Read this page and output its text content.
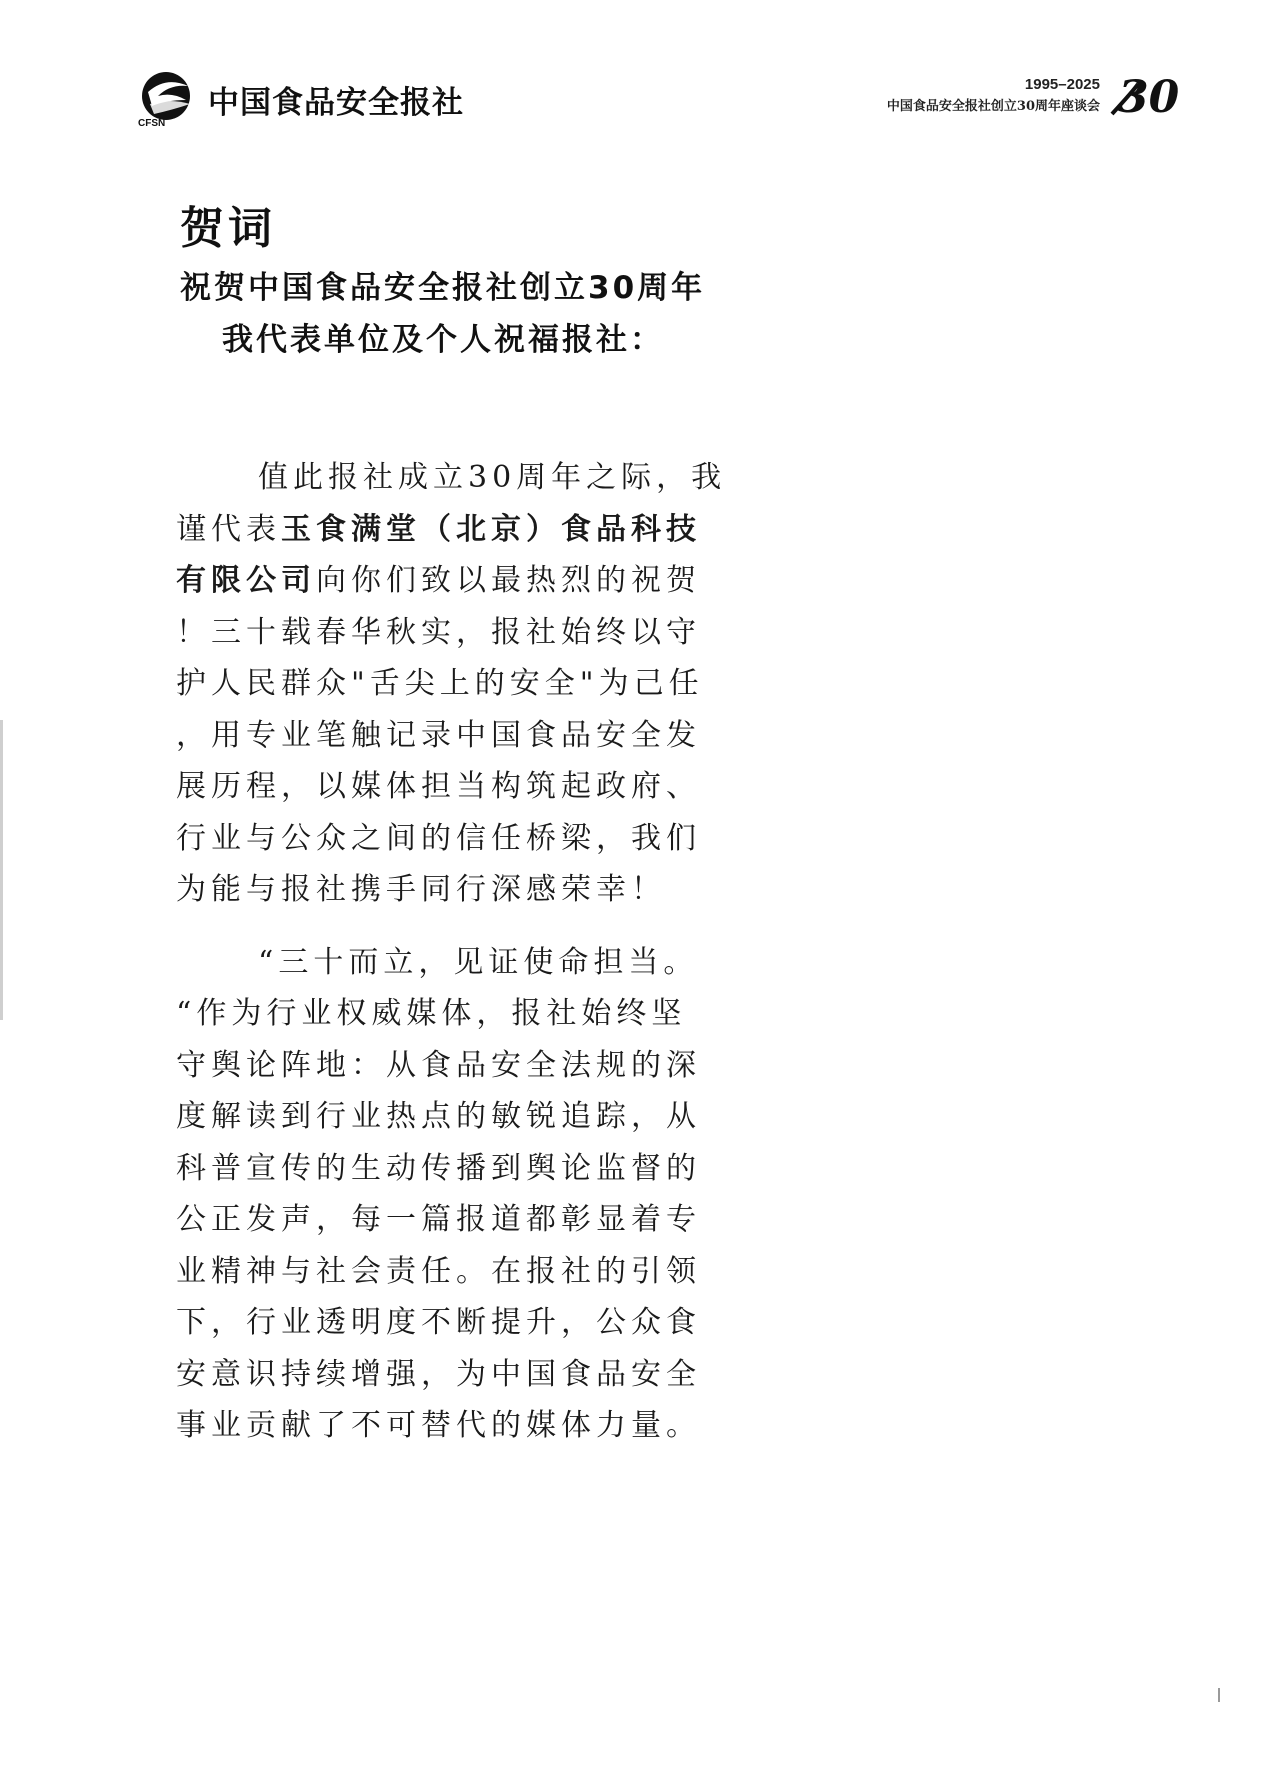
CFSN
中国食品安全报社	1995–2025
中国食品安全报社创立30周年座谈会 30
贺词
祝贺中国食品安全报社创立30周年
我代表单位及个人祝福报社：
值此报社成立30周年之际，我
谨代表玉食满堂（北京）食品科技
有限公司向你们致以最热烈的祝贺
！三十载春华秋实，报社始终以守
护人民群众"舌尖上的安全"为己任
，用专业笔触记录中国食品安全发
展历程，以媒体担当构筑起政府、
行业与公众之间的信任桥梁，我们
为能与报社携手同行深感荣幸！
“三十而立，见证使命担当。
“作为行业权威媒体，报社始终坚
守舆论阵地：从食品安全法规的深
度解读到行业热点的敏锐追踪，从
科普宣传的生动传播到舆论监督的
公正发声，每一篇报道都彰显着专
业精神与社会责任。在报社的引领
下，行业透明度不断提升，公众食
安意识持续增强，为中国食品安全
事业贡献了不可替代的媒体力量。
